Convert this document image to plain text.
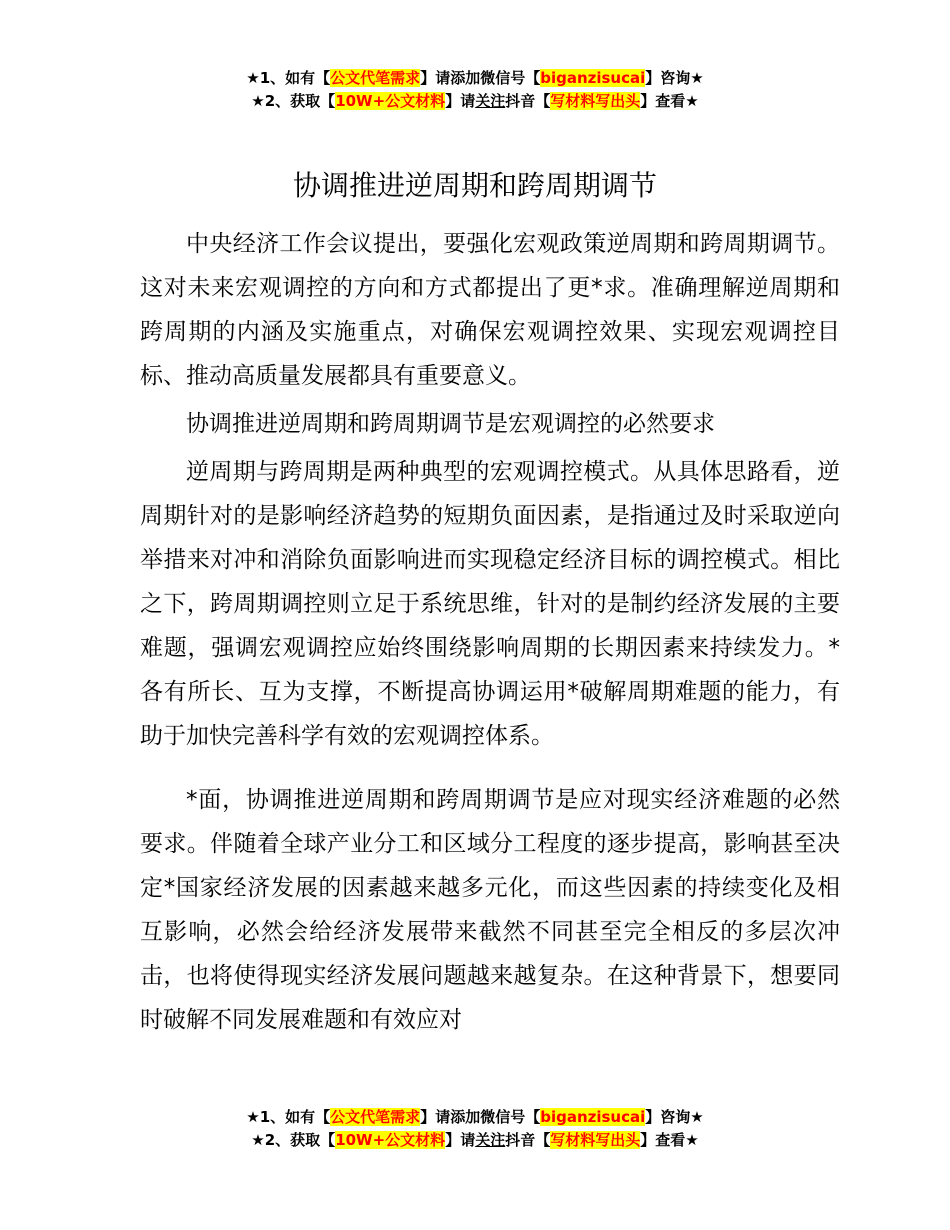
★1、如有【公文代笔需求】请添加微信号【biganzisucai】咨询★
★2、获取【10W+公文材料】请关注抖音【写材料写出头】查看★
协调推进逆周期和跨周期调节

中央经济工作会议提出，要强化宏观政策逆周期和跨周期调节。这对未来宏观调控的方向和方式都提出了更*求。准确理解逆周期和跨周期的内涵及实施重点，对确保宏观调控效果、实现宏观调控目标、推动高质量发展都具有重要意义。

协调推进逆周期和跨周期调节是宏观调控的必然要求

逆周期与跨周期是两种典型的宏观调控模式。从具体思路看，逆周期针对的是影响经济趋势的短期负面因素，是指通过及时采取逆向举措来对冲和消除负面影响进而实现稳定经济目标的调控模式。相比之下，跨周期调控则立足于系统思维，针对的是制约经济发展的主要难题，强调宏观调控应始终围绕影响周期的长期因素来持续发力。*各有所长、互为支撑，不断提高协调运用*破解周期难题的能力，有助于加快完善科学有效的宏观调控体系。

*面，协调推进逆周期和跨周期调节是应对现实经济难题的必然要求。伴随着全球产业分工和区域分工程度的逐步提高，影响甚至决定*国家经济发展的因素越来越多元化，而这些因素的持续变化及相互影响，必然会给经济发展带来截然不同甚至完全相反的多层次冲击，也将使得现实经济发展问题越来越复杂。在这种背景下，想要同时破解不同发展难题和有效应对

★1、如有【公文代笔需求】请添加微信号【biganzisucai】咨询★
★2、获取【10W+公文材料】请关注抖音【写材料写出头】查看★
